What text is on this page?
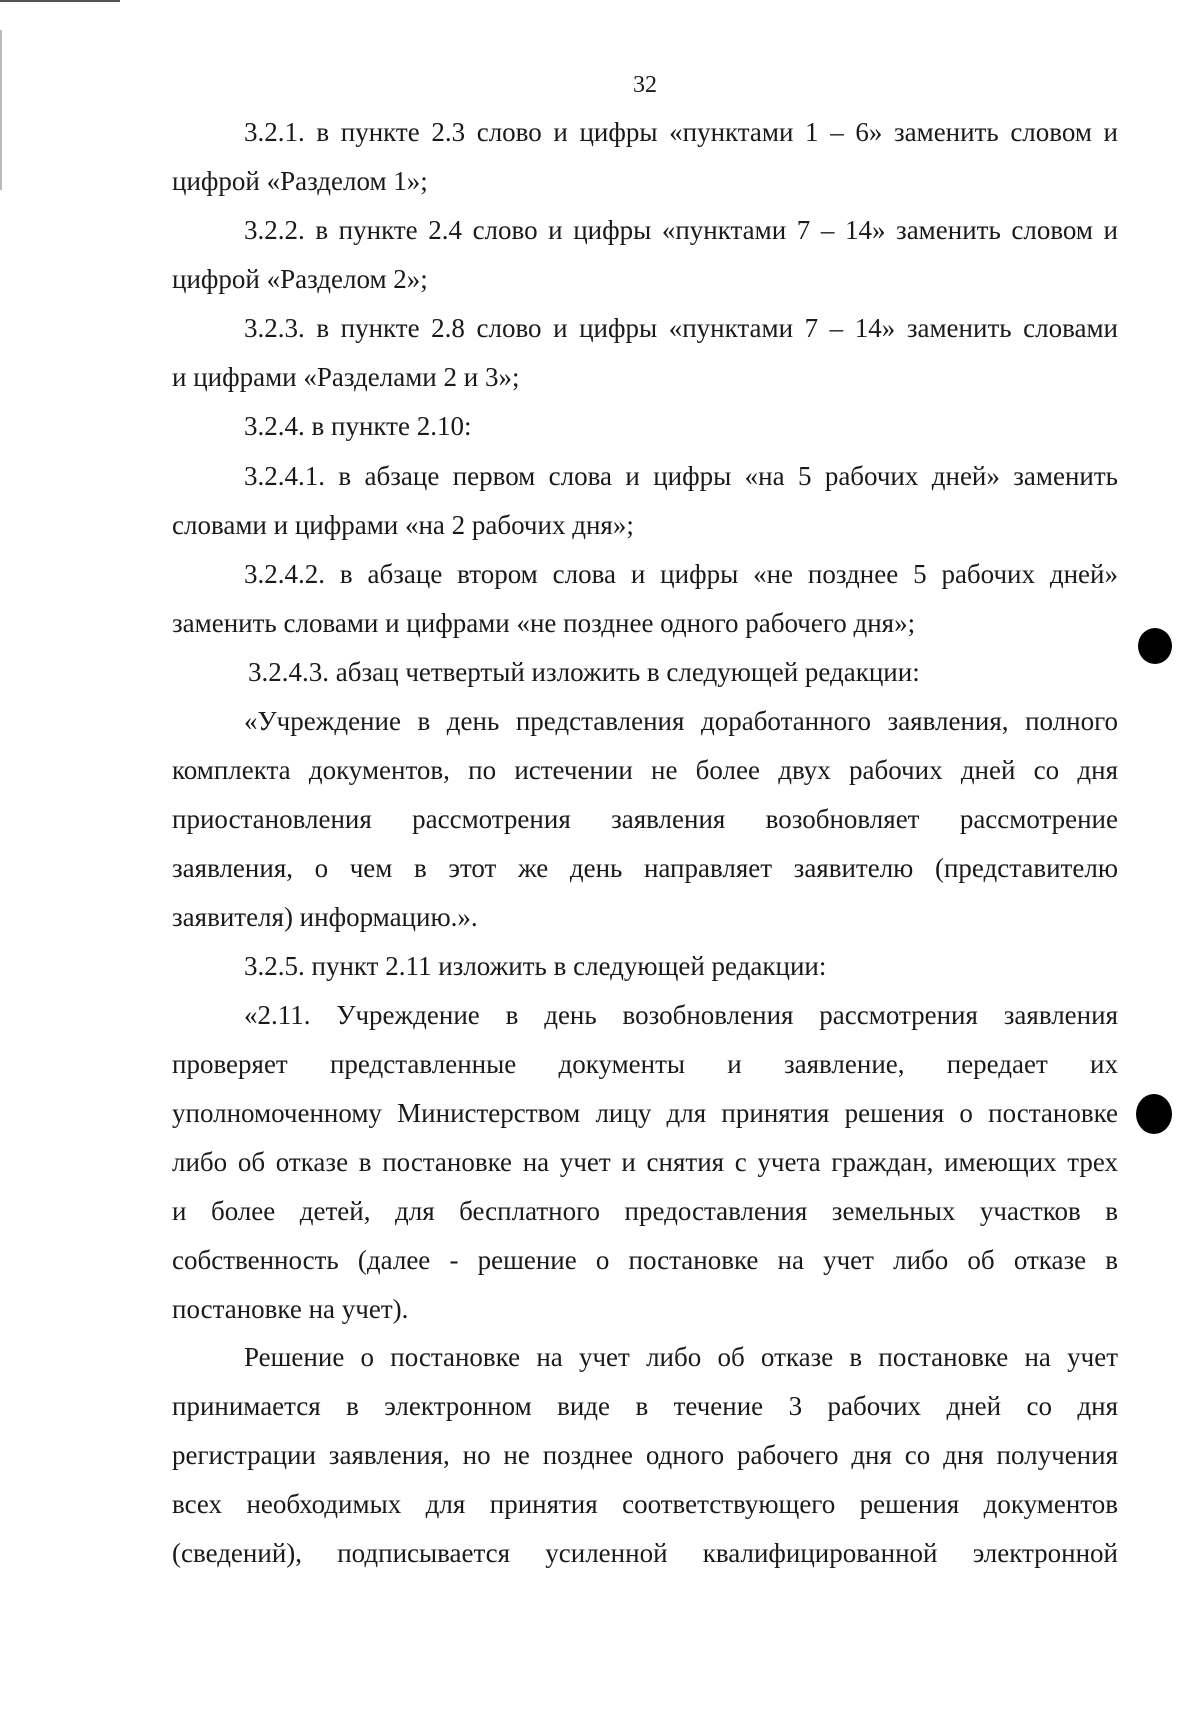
32
3.2.1. в пункте 2.3 слово и цифры «пунктами 1 – 6» заменить словом и
цифрой «Разделом 1»;
3.2.2. в пункте 2.4 слово и цифры «пунктами 7 – 14» заменить словом и
цифрой «Разделом 2»;
3.2.3. в пункте 2.8 слово и цифры «пунктами 7 – 14» заменить словами
и цифрами «Разделами 2 и 3»;
3.2.4. в пункте 2.10:
3.2.4.1. в абзаце первом слова и цифры «на 5 рабочих дней» заменить
словами и цифрами «на 2 рабочих дня»;
3.2.4.2. в абзаце втором слова и цифры «не позднее 5 рабочих дней»
заменить словами и цифрами «не позднее одного рабочего дня»;
3.2.4.3. абзац четвертый изложить в следующей редакции:
«Учреждение в день представления доработанного заявления, полного
комплекта документов, по истечении не более двух рабочих дней со дня
приостановления рассмотрения заявления возобновляет рассмотрение
заявления, о чем в этот же день направляет заявителю (представителю
заявителя) информацию.».
3.2.5. пункт 2.11 изложить в следующей редакции:
«2.11. Учреждение в день возобновления рассмотрения заявления
проверяет представленные документы и заявление, передает их
уполномоченному Министерством лицу для принятия решения о постановке
либо об отказе в постановке на учет и снятия с учета граждан, имеющих трех
и более детей, для бесплатного предоставления земельных участков в
собственность (далее - решение о постановке на учет либо об отказе в
постановке на учет).
Решение о постановке на учет либо об отказе в постановке на учет
принимается в электронном виде в течение 3 рабочих дней со дня
регистрации заявления, но не позднее одного рабочего дня со дня получения
всех необходимых для принятия соответствующего решения документов
(сведений), подписывается усиленной квалифицированной электронной
